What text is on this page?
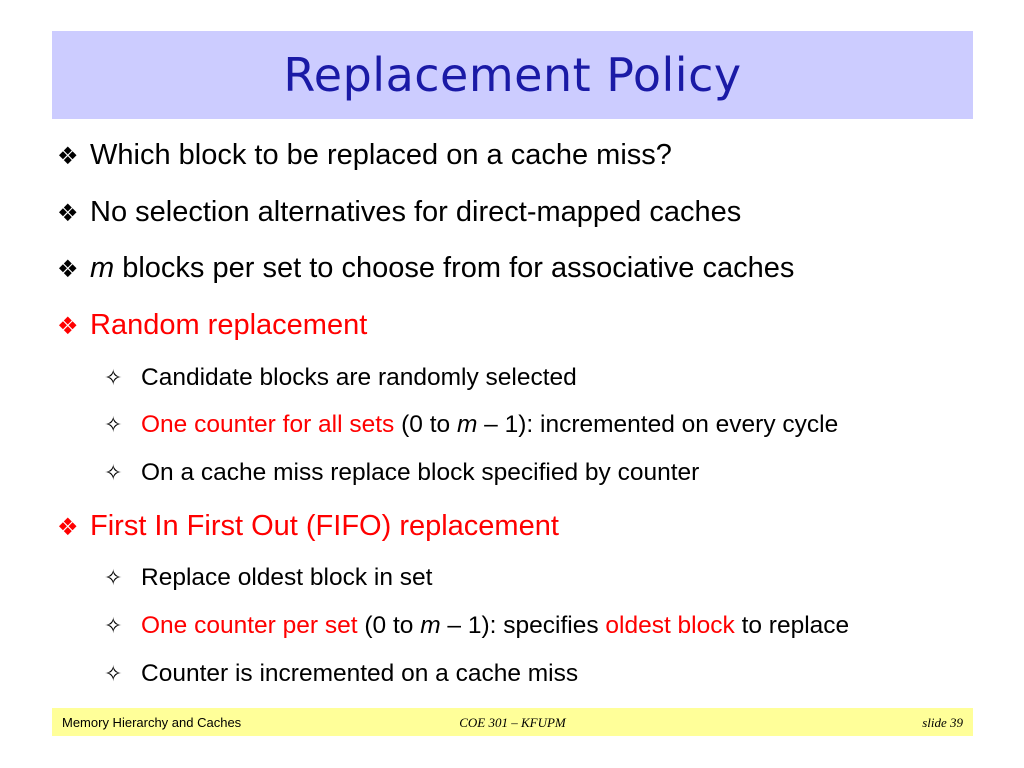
Replacement Policy
❖ Which block to be replaced on a cache miss?
❖ No selection alternatives for direct-mapped caches
❖ m blocks per set to choose from for associative caches
❖ Random replacement
✧ Candidate blocks are randomly selected
✧ One counter for all sets (0 to m – 1): incremented on every cycle
✧ On a cache miss replace block specified by counter
❖ First In First Out (FIFO) replacement
✧ Replace oldest block in set
✧ One counter per set (0 to m – 1): specifies oldest block to replace
✧ Counter is incremented on a cache miss
Memory Hierarchy and Caches	COE 301 – KFUPM	slide 39
